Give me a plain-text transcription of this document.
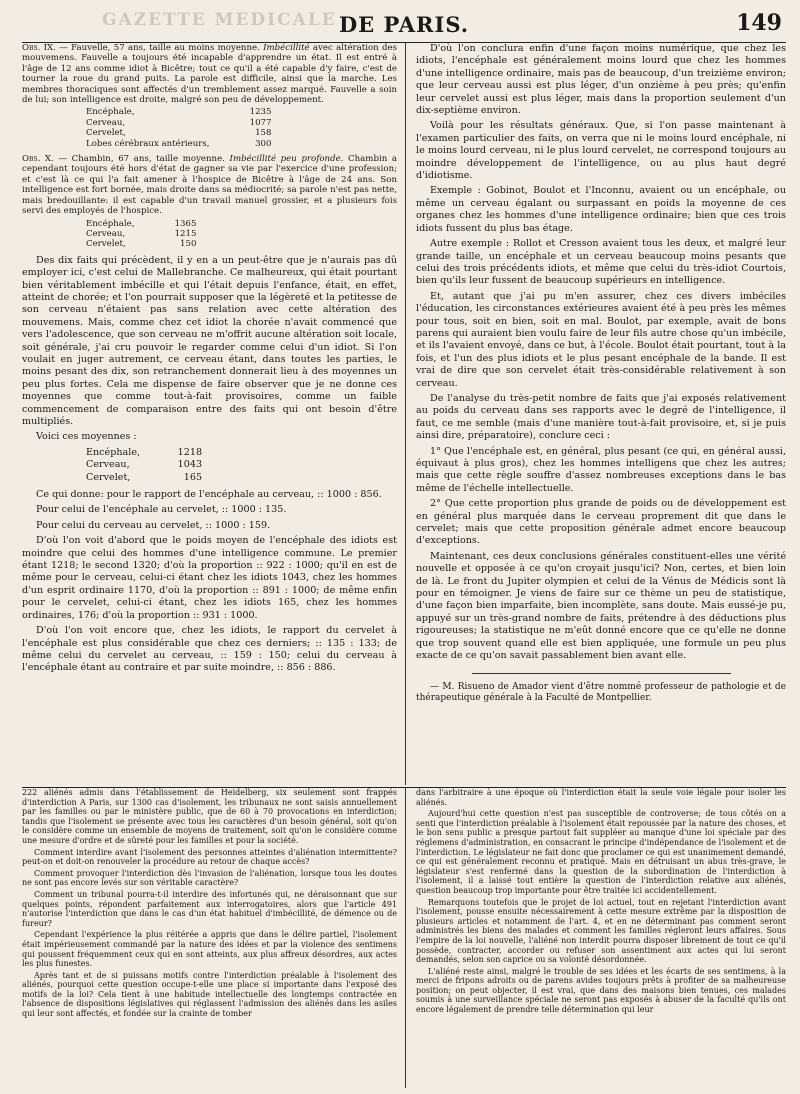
GAZETTE MEDICALE DE PARIS.	149

Obs. IX. — Fauvelle, 57 ans, taille au moins moyenne. Imbécillité avec altération des mouvemens. Fauvelle a toujours été incapable d'apprendre un état. Il est entré à l'âge de 12 ans comme idiot à Bicêtre; tout ce qu'il a été capable d'y faire, c'est de tourner la roue du grand puits. La parole est difficile, ainsi que la marche. Les membres thoraciques sont affectés d'un tremblement assez marqué. Fauvelle a soin de lui; son intelligence est droite, malgré son peu de développement.

Encéphale,	1235
Cerveau,	1077
Cervelet,	158
Lobes cérébraux antérieurs,	300

Obs. X. — Chambin, 67 ans, taille moyenne. Imbécillité peu profonde. Chambin a cependant toujours été hors d'état de gagner sa vie par l'exercice d'une profession; et c'est là ce qui l'a fait amener à l'hospice de Bicêtre à l'âge de 24 ans. Son intelligence est fort bornée, mais droite dans sa médiocrité; sa parole n'est pas nette, mais bredouillante: il est capable d'un travail manuel grossier, et a plusieurs fois servi des employés de l'hospice.

Encéphale,	1365
Cerveau,	1215
Cervelet,	150

Des dix faits qui précèdent, il y en a un peut-être que je n'aurais pas dû employer ici, c'est celui de Mallebranche. Ce malheureux, qui était pourtant bien véritablement imbécille et qui l'était depuis l'enfance, était, en effet, atteint de chorée; et l'on pourrait supposer que la légèreté et la petitesse de son cerveau n'étaient pas sans relation avec cette altération des mouvemens. Mais, comme chez cet idiot la chorée n'avait commencé que vers l'adolescence, que son cerveau ne m'offrit aucune altération soit locale, soit générale, j'ai cru pouvoir le regarder comme celui d'un idiot. Si l'on voulait en juger autrement, ce cerveau étant, dans toutes les parties, le moins pesant des dix, son retranchement donnerait lieu à des moyennes un peu plus fortes. Cela me dispense de faire observer que je ne donne ces moyennes que comme tout-à-fait provisoires, comme un faible commencement de comparaison entre des faits qui ont besoin d'être multipliés.

Voici ces moyennes :

Encéphale,	1218
Cerveau,	1043
Cervelet,	165

Ce qui donne: pour le rapport de l'encéphale au cerveau, :: 1000 : 856.

Pour celui de l'encéphale au cervelet, :: 1000 : 135.

Pour celui du cerveau au cervelet, :: 1000 : 159.

D'où l'on voit d'abord que le poids moyen de l'encéphale des idiots est moindre que celui des hommes d'une intelligence commune. Le premier étant 1218; le second 1320; d'où la proportion :: 922 : 1000; qu'il en est de même pour le cerveau, celui-ci étant chez les idiots 1043, chez les hommes d'un esprit ordinaire 1170, d'où la proportion :: 891 : 1000; de même enfin pour le cervelet, celui-ci étant, chez les idiots 165, chez les hommes ordinaires, 176; d'où la proportion :: 931 : 1000.

D'où l'on voit encore que, chez les idiots, le rapport du cervelet à l'encéphale est plus considérable que chez ces derniers; :: 135 : 133; de même celui du cervelet au cerveau, :: 159 : 150; celui du cerveau à l'encéphale étant au contraire et par suite moindre, :: 856 : 886.

D'où l'on conclura enfin d'une façon moins numérique, que chez les idiots, l'encéphale est généralement moins lourd que chez les hommes d'une intelligence ordinaire, mais pas de beaucoup, d'un treizième environ; que leur cerveau aussi est plus léger, d'un onzième à peu près; qu'enfin leur cervelet aussi est plus léger, mais dans la proportion seulement d'un dix-septième environ.

Voilà pour les résultats généraux. Que, si l'on passe maintenant à l'examen particulier des faits, on verra que ni le moins lourd encéphale, ni le moins lourd cerveau, ni le plus lourd cervelet, ne correspond toujours au moindre développement de l'intelligence, ou au plus haut degré d'idiotisme.

Exemple : Gobinot, Boulot et l'Inconnu, avaient ou un encéphale, ou même un cerveau égalant ou surpassant en poids la moyenne de ces organes chez les hommes d'une intelligence ordinaire; bien que ces trois idiots fussent du plus bas étage.

Autre exemple : Rollot et Cresson avaient tous les deux, et malgré leur grande taille, un encéphale et un cerveau beaucoup moins pesants que celui des trois précédents idiots, et même que celui du très-idiot Courtois, bien qu'ils leur fussent de beaucoup supérieurs en intelligence.

Et, autant que j'ai pu m'en assurer, chez ces divers imbéciles l'éducation, les circonstances extérieures avaient été à peu près les mêmes pour tous, soit en bien, soit en mal. Boulot, par exemple, avait de bons parens qui auraient bien voulu faire de leur fils autre chose qu'un imbécile, et ils l'avaient envoyé, dans ce but, à l'école. Boulot était pourtant, tout à la fois, et l'un des plus idiots et le plus pesant encéphale de la bande. Il est vrai de dire que son cervelet était très-considérable relativement à son cerveau.

De l'analyse du très-petit nombre de faits que j'ai exposés relativement au poids du cerveau dans ses rapports avec le degré de l'intelligence, il faut, ce me semble (mais d'une manière tout-à-fait provisoire, et, si je puis ainsi dire, préparatoire), conclure ceci :

1° Que l'encéphale est, en général, plus pesant (ce qui, en général aussi, équivaut à plus gros), chez les hommes intelligens que chez les autres; mais que cette règle souffre d'assez nombreuses exceptions dans le bas même de l'échelle intellectuelle.

2° Que cette proportion plus grande de poids ou de développement est en général plus marquée dans le cerveau proprement dit que dans le cervelet; mais que cette proposition générale admet encore beaucoup d'exceptions.

Maintenant, ces deux conclusions générales constituent-elles une vérité nouvelle et opposée à ce qu'on croyait jusqu'ici? Non, certes, et bien loin de là. Le front du Jupiter olympien et celui de la Vénus de Médicis sont là pour en témoigner. Je viens de faire sur ce thème un peu de statistique, d'une façon bien imparfaite, bien incomplète, sans doute. Mais eussé-je pu, appuyé sur un très-grand nombre de faits, prétendre à des déductions plus rigoureuses; la statistique ne m'eût donné encore que ce qu'elle ne donne que trop souvent quand elle est bien appliquée, une formule un peu plus exacte de ce qu'on savait passablement bien avant elle.

— M. Risueno de Amador vient d'être nommé professeur de pathologie et de thérapeutique générale à la Faculté de Montpellier.

222 aliénés admis dans l'établissement de Heidelberg, six seulement sont frappés d'interdiction A Paris, sur 1300 cas d'isolement, les tribunaux ne sont saisis annuellement par les familles ou par le ministère public, que de 60 à 70 provocations en interdiction; tandis que l'isolement se présente avec tous les caractères d'un besoin général, soit qu'on le considère comme un ensemble de moyens de traitement, soit qu'on le considère comme une mesure d'ordre et de sûreté pour les familles et pour la société.

Comment interdire avant l'isolement des personnes atteintes d'aliénation intermittente? peut-on et doit-on renouveler la procédure au retour de chaque accès?

Comment provoquer l'interdiction dès l'invasion de l'aliénation, lorsque tous les doutes ne sont pas encore levés sur son véritable caractère?

Comment un tribunal pourra-t-il interdire des infortunés qui, ne déraisonnant que sur quelques points, répondent parfaitement aux interrogatoires, alors que l'article 491 n'autorise l'interdiction que dans le cas d'un état habituel d'imbécillité, de démence ou de fureur?

Cependant l'expérience la plus réitérée a appris que dans le délire partiel, l'isolement était impérieusement commandé par la nature des idées et par la violence des sentimens qui poussent fréquemment ceux qui en sont atteints, aux plus affreux désordres, aux actes les plus funestes.

Après tant et de si puissans motifs contre l'interdiction préalable à l'isolement des aliénés, pourquoi cette question occupe-t-elle une place si importante dans l'exposé des motifs de la loi? Cela tient à une habitude intellectuelle des longtemps contractée en l'absence de dispositions législatives qui réglassent l'admission des aliénés dans les asiles qui leur sont affectés, et fondée sur la crainte de tomber

dans l'arbitraire à une époque où l'interdiction était la seule voie légale pour isoler les aliénés.

Aujourd'hui cette question n'est pas susceptible de controverse; de tous côtés on a senti que l'interdiction préalable à l'isolement était repoussée par la nature des choses, et le bon sens public a presque partout fait suppléer au manque d'une loi spéciale par des réglemens d'administration, en consacrant le principe d'indépendance de l'isolement et de l'interdiction. Le législateur ne fait donc que proclamer ce qui est unanimement demandé, ce qui est généralement reconnu et pratiqué. Mais en détruisant un abus très-grave, le législateur s'est renfermé dans la question de la subordination de l'interdiction à l'isolement, il a laissé tout entière la question de l'interdiction relative aux aliénés, question beaucoup trop importante pour être traitée ici accidentellement.

Remarquons toutefois que le projet de loi actuel, tout en rejetant l'interdiction avant l'isolement, pousse ensuite nécessairement à cette mesure extrême par la disposition de plusieurs articles et notamment de l'art. 4, et en ne déterminant pas comment seront administrés les biens des malades et comment les familles régleront leurs affaires. Sous l'empire de la loi nouvelle, l'aliéné non interdit pourra disposer librement de tout ce qu'il possède, contracter, accorder ou refuser son assentiment aux actes qui lui seront demandés, selon son caprice ou sa volonté désordonnée.

L'aliéné reste ainsi, malgré le trouble de ses idées et les écarts de ses sentimens, à la merci de fripons adroits ou de parens avides toujours prêts à profiter de sa malheureuse position; on peut objecter, il est vrai, que dans des maisons bien tenues, ces malades soumis à une surveillance spéciale ne seront pas exposés à abuser de la faculté qu'ils ont encore légalement de prendre telle détermination qui leur
